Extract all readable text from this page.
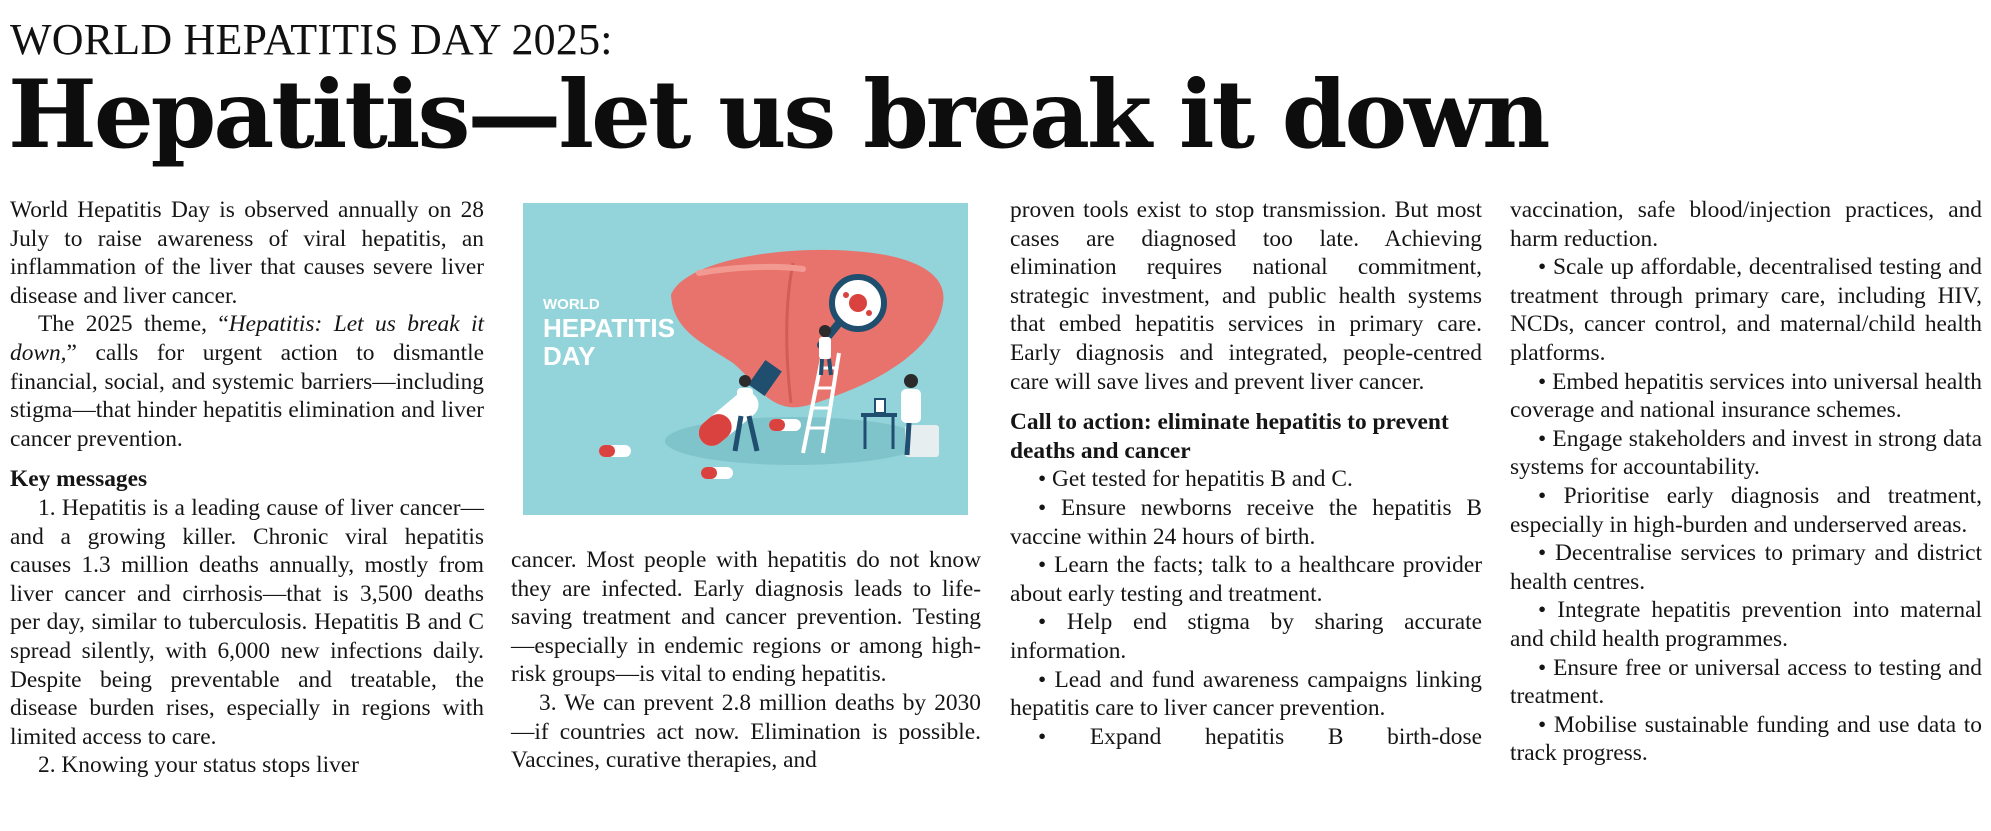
WORLD HEPATITIS DAY 2025:
Hepatitis—let us break it down

World Hepatitis Day is observed annually on 28 July to raise awareness of viral hepatitis, an inflammation of the liver that causes severe liver disease and liver cancer.

The 2025 theme, “Hepatitis: Let us break it down,” calls for urgent action to dismantle financial, social, and systemic barriers—including stigma—that hinder hepatitis elimination and liver cancer prevention.

Key messages

1. Hepatitis is a leading cause of liver cancer—and a growing killer. Chronic viral hepatitis causes 1.3 million deaths annually, mostly from liver cancer and cirrhosis—that is 3,500 deaths per day, similar to tuberculosis. Hepatitis B and C spread silently, with 6,000 new infections daily. Despite being preventable and treatable, the disease burden rises, especially in regions with limited access to care.

2. Knowing your status stops liver

WORLD
HEPATITIS
DAY

cancer. Most people with hepatitis do not know they are infected. Early diagnosis leads to life-saving treatment and cancer prevention. Testing—especially in endemic regions or among high-risk groups—is vital to ending hepatitis.

3. We can prevent 2.8 million deaths by 2030—if countries act now. Elimination is possible. Vaccines, curative therapies, and

proven tools exist to stop transmission. But most cases are diagnosed too late. Achieving elimination requires national commitment, strategic investment, and public health systems that embed hepatitis services in primary care. Early diagnosis and integrated, people-centred care will save lives and prevent liver cancer.

Call to action: eliminate hepatitis to prevent deaths and cancer

• Get tested for hepatitis B and C.

• Ensure newborns receive the hepatitis B vaccine within 24 hours of birth.

• Learn the facts; talk to a healthcare provider about early testing and treatment.

• Help end stigma by sharing accurate information.

• Lead and fund awareness campaigns linking hepatitis care to liver cancer prevention.

• Expand hepatitis B birth-dose

vaccination, safe blood/injection practices, and harm reduction.

• Scale up affordable, decentralised testing and treatment through primary care, including HIV, NCDs, cancer control, and maternal/child health platforms.

• Embed hepatitis services into universal health coverage and national insurance schemes.

• Engage stakeholders and invest in strong data systems for accountability.

• Prioritise early diagnosis and treatment, especially in high-burden and underserved areas.

• Decentralise services to primary and district health centres.

• Integrate hepatitis prevention into maternal and child health programmes.

• Ensure free or universal access to testing and treatment.

• Mobilise sustainable funding and use data to track progress.
